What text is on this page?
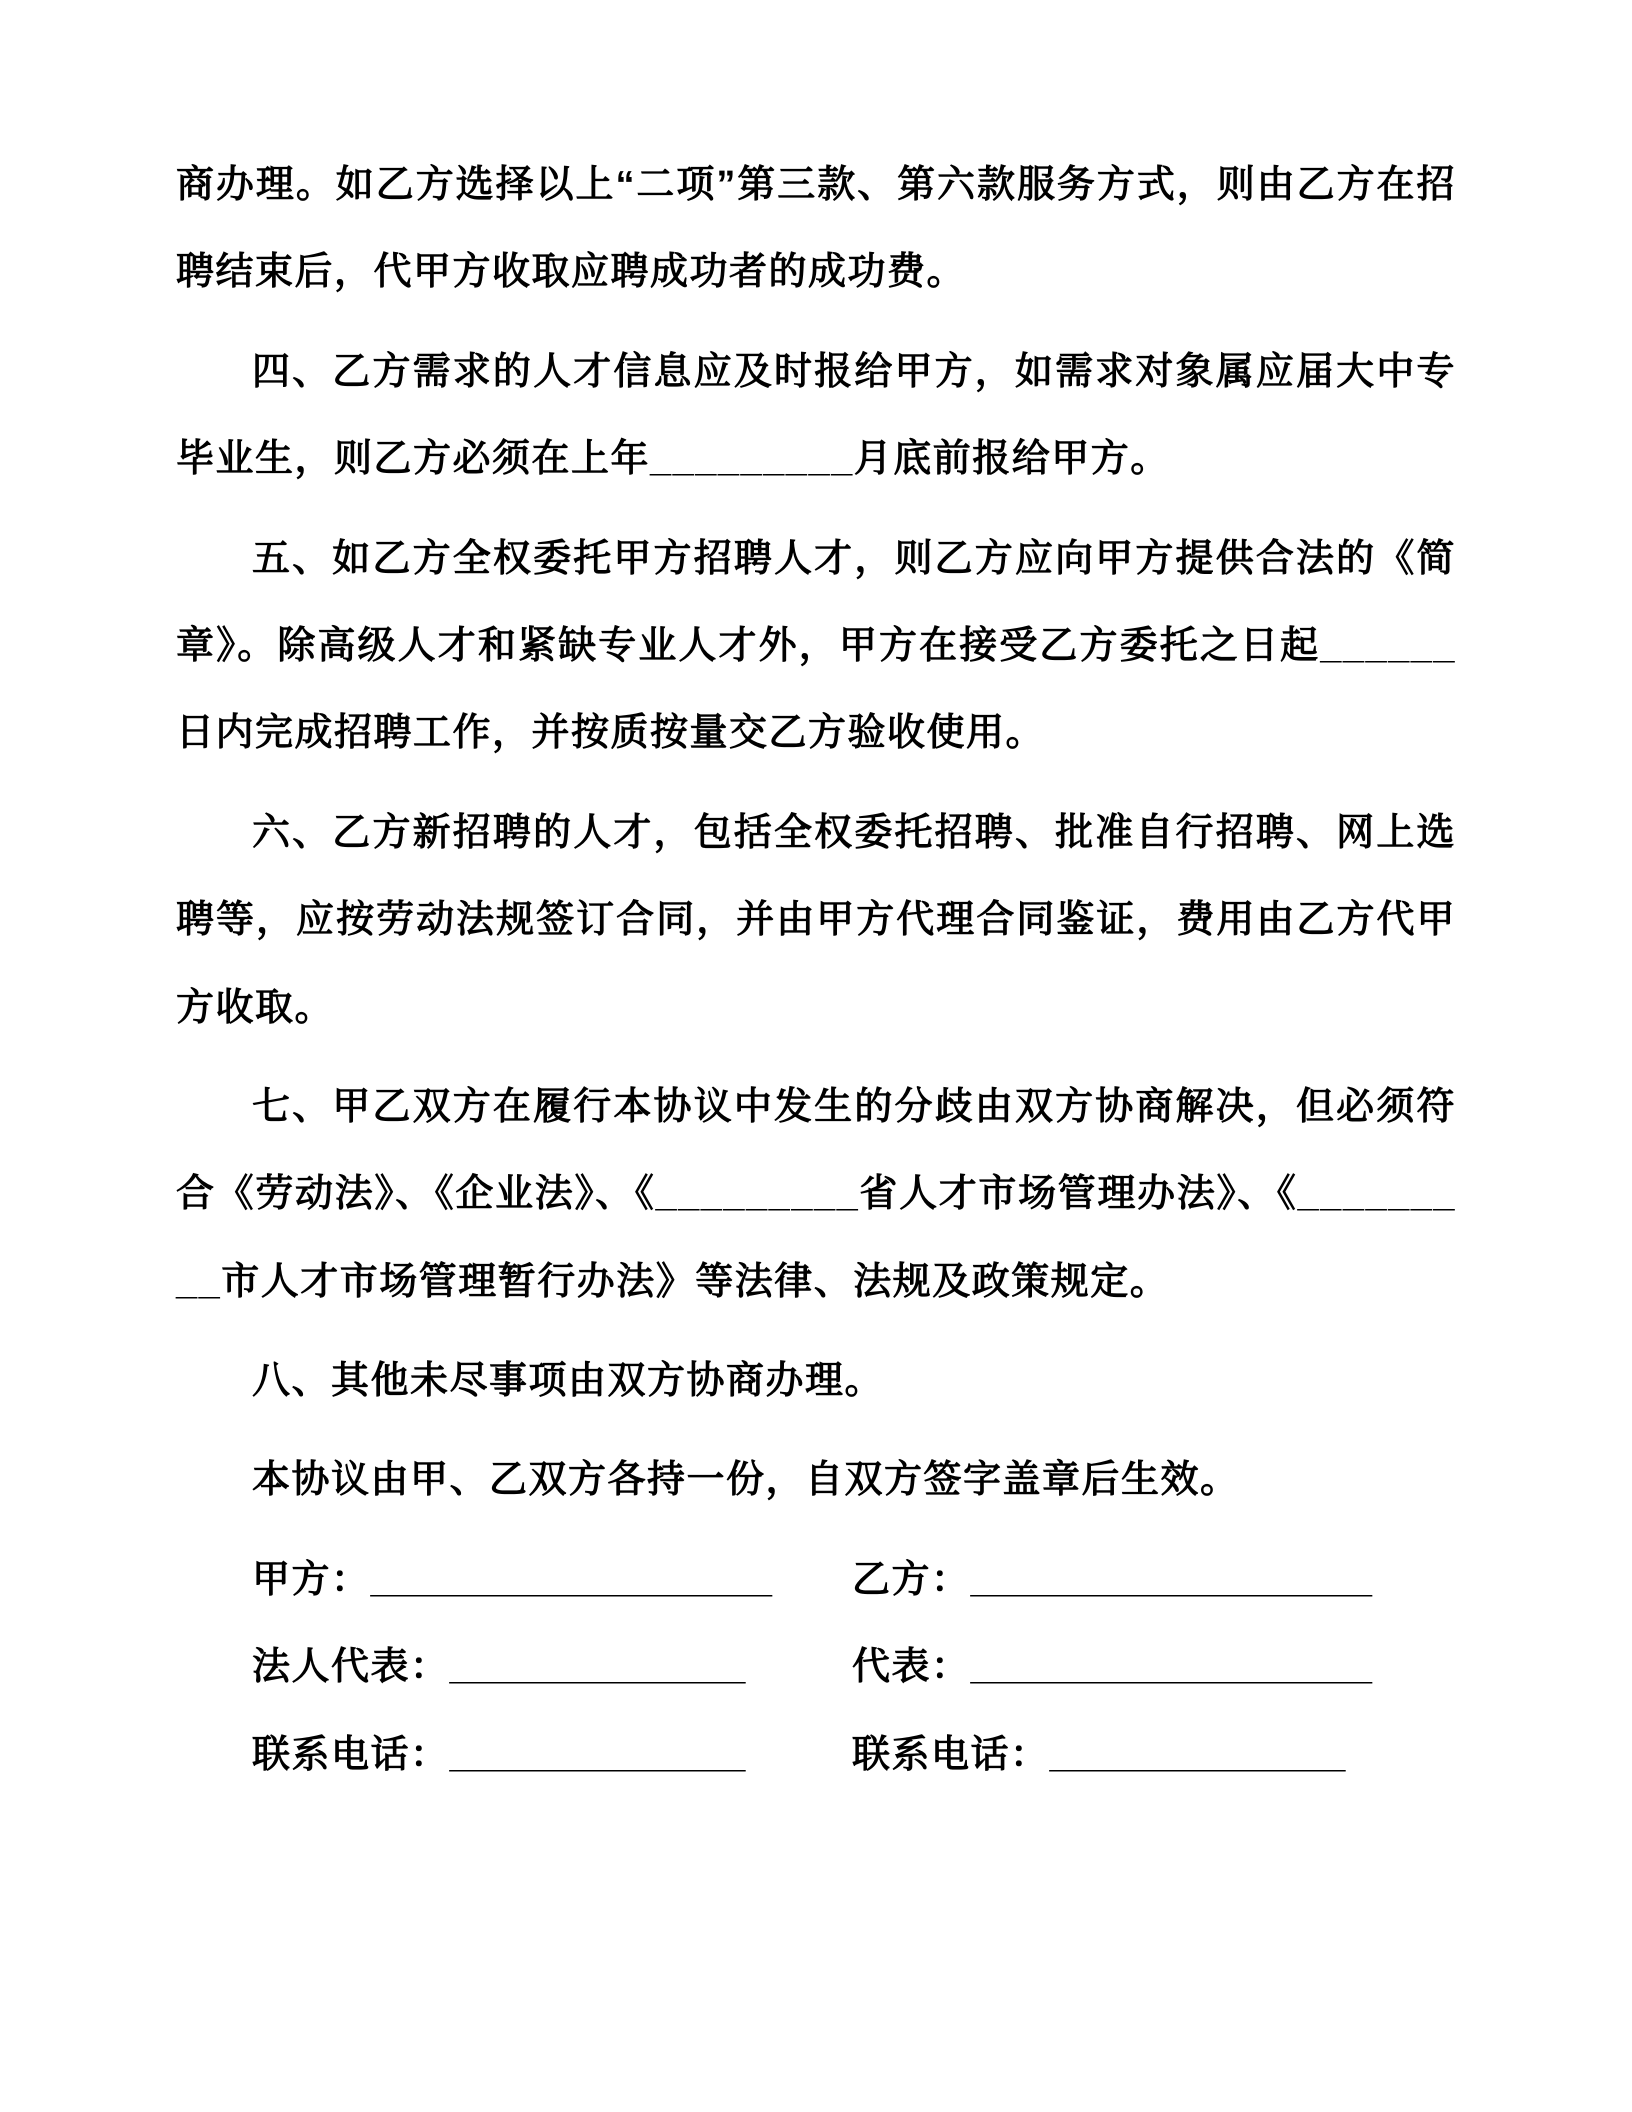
商办理。如乙方选择以上“二项”第三款、第六款服务方式，则由乙方在招聘结束后，代甲方收取应聘成功者的成功费。

四、乙方需求的人才信息应及时报给甲方，如需求对象属应届大中专毕业生，则乙方必须在上年_________月底前报给甲方。

五、如乙方全权委托甲方招聘人才，则乙方应向甲方提供合法的《简章》。除高级人才和紧缺专业人才外，甲方在接受乙方委托之日起______日内完成招聘工作，并按质按量交乙方验收使用。

六、乙方新招聘的人才，包括全权委托招聘、批准自行招聘、网上选聘等，应按劳动法规签订合同，并由甲方代理合同鉴证，费用由乙方代甲方收取。

七、甲乙双方在履行本协议中发生的分歧由双方协商解决，但必须符合《劳动法》、《企业法》、《_________省人才市场管理办法》、《_________市人才市场管理暂行办法》等法律、法规及政策规定。

八、其他未尽事项由双方协商办理。

本协议由甲、乙双方各持一份，自双方签字盖章后生效。

甲方：___________________	乙方：___________________
法人代表：______________	代表：___________________
联系电话：______________	联系电话：______________
